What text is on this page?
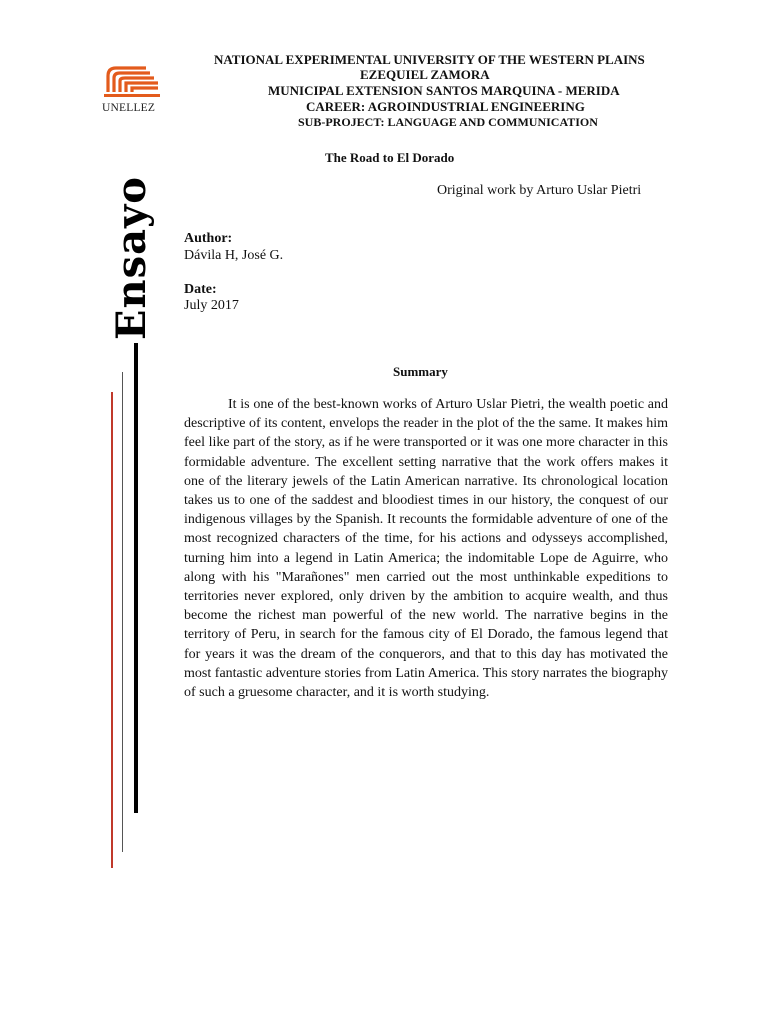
UNELLEZ
Ensayo
NATIONAL EXPERIMENTAL UNIVERSITY OF THE WESTERN PLAINS
EZEQUIEL ZAMORA
MUNICIPAL EXTENSION SANTOS MARQUINA - MERIDA
CAREER: AGROINDUSTRIAL ENGINEERING
SUB-PROJECT: LANGUAGE AND COMMUNICATION
The Road to El Dorado
Original work by Arturo Uslar Pietri
Author:
Dávila H, José G.
Date:
July 2017
Summary

It is one of the best-known works of Arturo Uslar Pietri, the wealth poetic and descriptive of its content, envelops the reader in the plot of the the same. It makes him feel like part of the story, as if he were transported or it was one more character in this formidable adventure. The excellent setting narrative that the work offers makes it one of the literary jewels of the Latin American narrative. Its chronological location takes us to one of the saddest and bloodiest times in our history, the conquest of our indigenous villages by the Spanish. It recounts the formidable adventure of one of the most recognized characters of the time, for his actions and odysseys accomplished, turning him into a legend in Latin America; the indomitable Lope de Aguirre, who along with his "Marañones" men carried out the most unthinkable expeditions to territories never explored, only driven by the ambition to acquire wealth, and thus become the richest man powerful of the new world. The narrative begins in the territory of Peru, in search for the famous city of El Dorado, the famous legend that for years it was the dream of the conquerors, and that to this day has motivated the most fantastic adventure stories from Latin America. This story narrates the biography of such a gruesome character, and it is worth studying.
